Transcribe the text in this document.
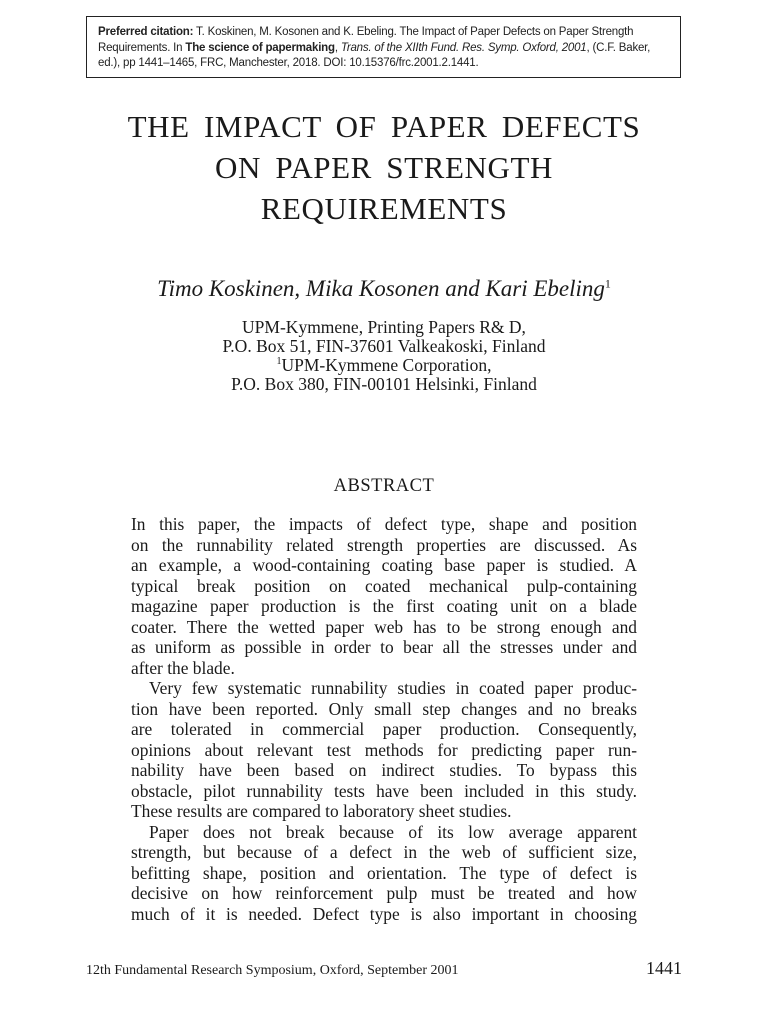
Preferred citation: T. Koskinen, M. Kosonen and K. Ebeling. The Impact of Paper Defects on Paper Strength Requirements. In The science of papermaking, Trans. of the XIIth Fund. Res. Symp. Oxford, 2001, (C.F. Baker, ed.), pp 1441–1465, FRC, Manchester, 2018. DOI: 10.15376/frc.2001.2.1441.
THE IMPACT OF PAPER DEFECTS
ON PAPER STRENGTH
REQUIREMENTS
Timo Koskinen, Mika Kosonen and Kari Ebeling$^1$
UPM-Kymmene, Printing Papers R& D,
P.O. Box 51, FIN-37601 Valkeakoski, Finland
$^1$UPM-Kymmene Corporation,
P.O. Box 380, FIN-00101 Helsinki, Finland
ABSTRACT
In this paper, the impacts of defect type, shape and position
on the runnability related strength properties are discussed. As
an example, a wood-containing coating base paper is studied. A
typical break position on coated mechanical pulp-containing
magazine paper production is the first coating unit on a blade
coater. There the wetted paper web has to be strong enough and
as uniform as possible in order to bear all the stresses under and
after the blade.
Very few systematic runnability studies in coated paper produc-
tion have been reported. Only small step changes and no breaks
are tolerated in commercial paper production. Consequently,
opinions about relevant test methods for predicting paper run-
nability have been based on indirect studies. To bypass this
obstacle, pilot runnability tests have been included in this study.
These results are compared to laboratory sheet studies.
Paper does not break because of its low average apparent
strength, but because of a defect in the web of sufficient size,
befitting shape, position and orientation. The type of defect is
decisive on how reinforcement pulp must be treated and how
much of it is needed. Defect type is also important in choosing
12th Fundamental Research Symposium, Oxford, September 2001	1441
